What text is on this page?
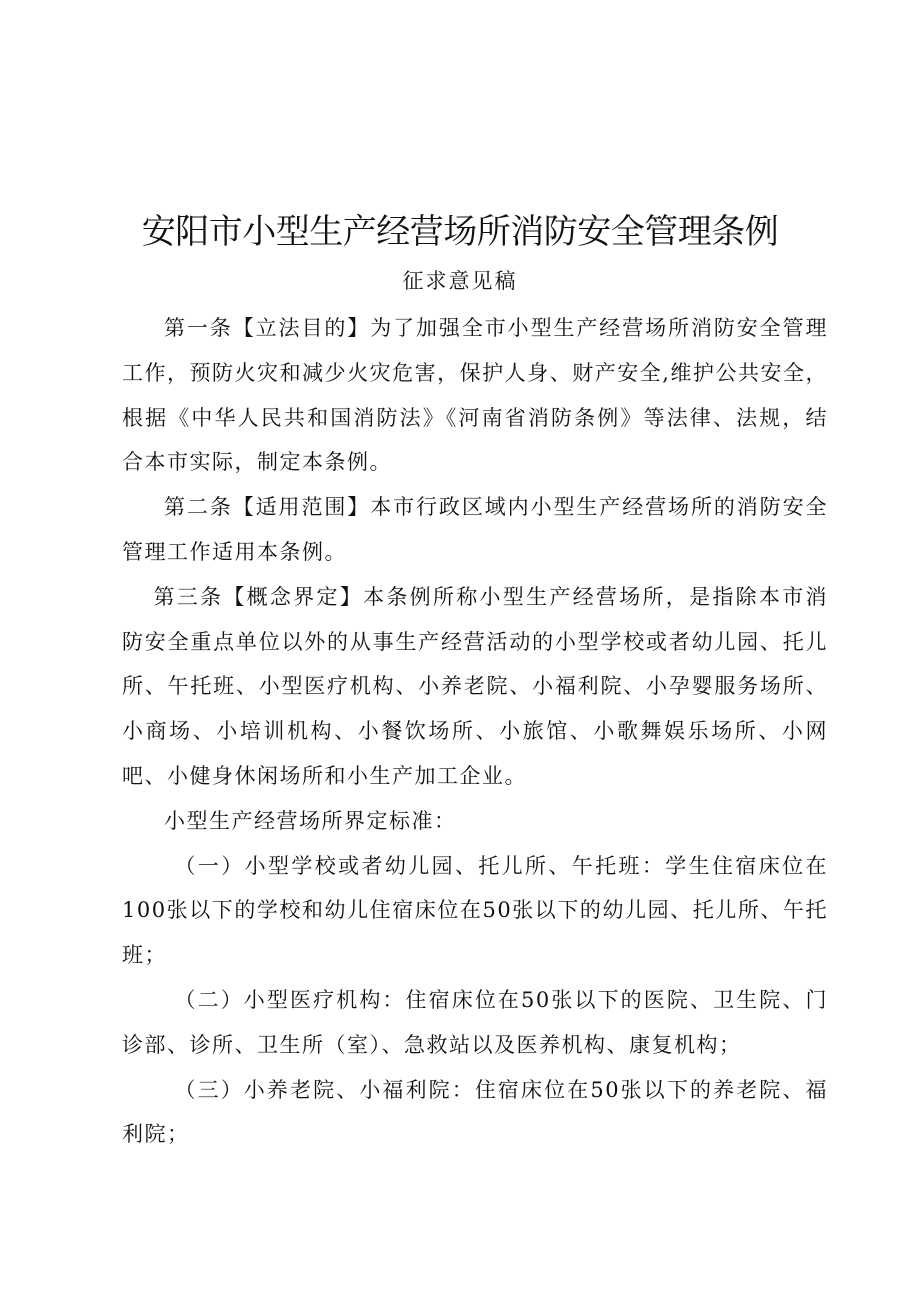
安阳市小型生产经营场所消防安全管理条例
征求意见稿

第一条【立法目的】为了加强全市小型生产经营场所消防安全管理工作，预防火灾和减少火灾危害，保护人身、财产安全,维护公共安全，根据《中华人民共和国消防法》《河南省消防条例》等法律、法规，结合本市实际，制定本条例。

第二条【适用范围】本市行政区域内小型生产经营场所的消防安全管理工作适用本条例。

第三条【概念界定】本条例所称小型生产经营场所，是指除本市消防安全重点单位以外的从事生产经营活动的小型学校或者幼儿园、托儿所、午托班、小型医疗机构、小养老院、小福利院、小孕婴服务场所、小商场、小培训机构、小餐饮场所、小旅馆、小歌舞娱乐场所、小网吧、小健身休闲场所和小生产加工企业。

小型生产经营场所界定标准：

（一）小型学校或者幼儿园、托儿所、午托班：学生住宿床位在100张以下的学校和幼儿住宿床位在50张以下的幼儿园、托儿所、午托班；

（二）小型医疗机构：住宿床位在50张以下的医院、卫生院、门诊部、诊所、卫生所（室）、急救站以及医养机构、康复机构；

（三）小养老院、小福利院：住宿床位在50张以下的养老院、福利院；
